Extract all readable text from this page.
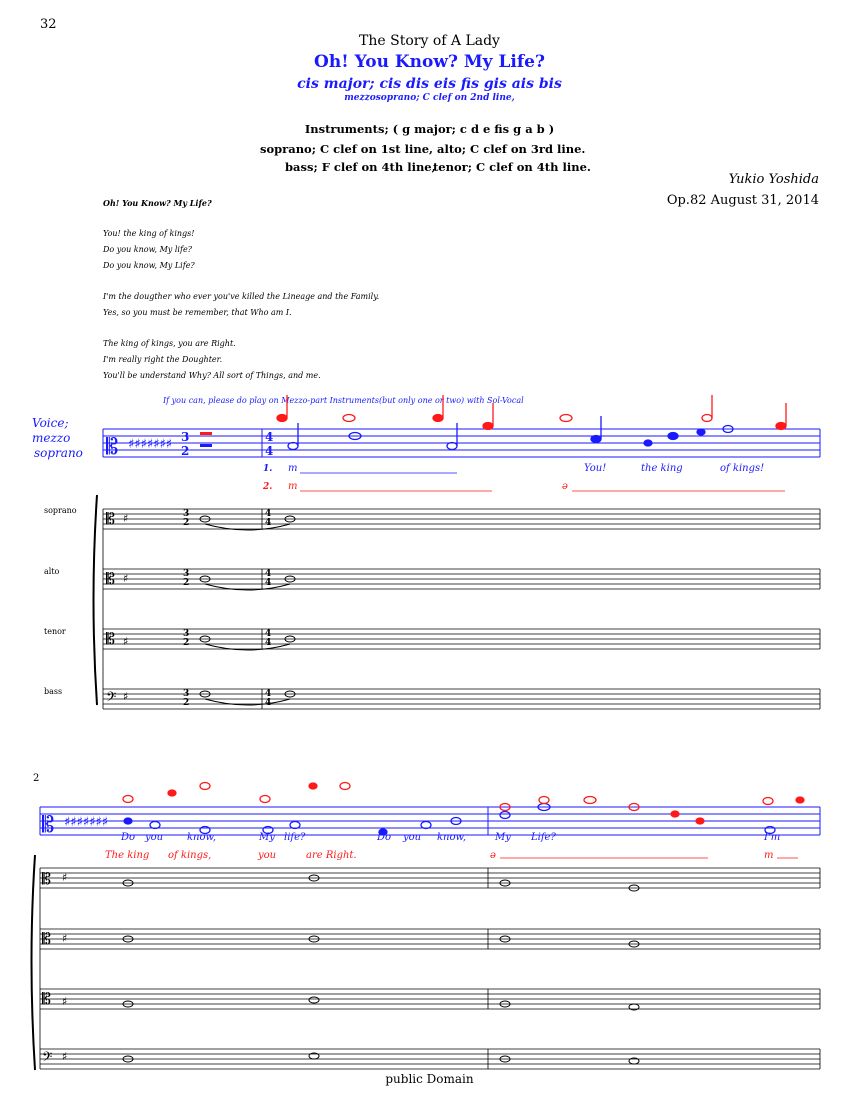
32
The Story of A Lady
Oh! You Know? My Life?
cis major; cis dis eis fis gis ais bis
mezzosoprano; C clef on 2nd line,
Instruments; ( g major; c d e fis g a b )
soprano; C clef on 1st line, alto; C clef on 3rd line.
bass; F clef on 4th line,
tenor; C clef on 4th line.
Yukio Yoshida
Op.82 August 31, 2014
Oh! You Know? My Life?
You! the king of kings!
Do you know, My life?
Do you know, My Life?
I'm the dougther who ever you've killed the Lineage and the Family.
Yes, so you must be remember, that Who am I.
The king of kings, you are Right.
I'm really right the Doughter.
You'll be understand Why? All sort of Things, and me.
If you can, please do play on Mezzo-part Instruments(but only one or two) with Sol-Vocal
Voice;
mezzo
soprano
soprano
alto
tenor
bass
𝄡 ♯♯♯♯♯♯♯ 3
2
4
4
♯
♯
♯
♯
𝄡
𝄡
𝄡
𝄢
3
2
4
4
3
2
4
4
3
2
4
4
3
2
4
4
1. m	You!	the king	of kings!
2. m	ə
2
𝄡 ♯♯♯♯♯♯♯
♯
♯
♯
♯
𝄡
𝄡
𝄡
𝄢
Do you know,	My life?	Do you know,	My Life?	I'm
The king of kings,	you	are Right.	ə	m
public Domain
